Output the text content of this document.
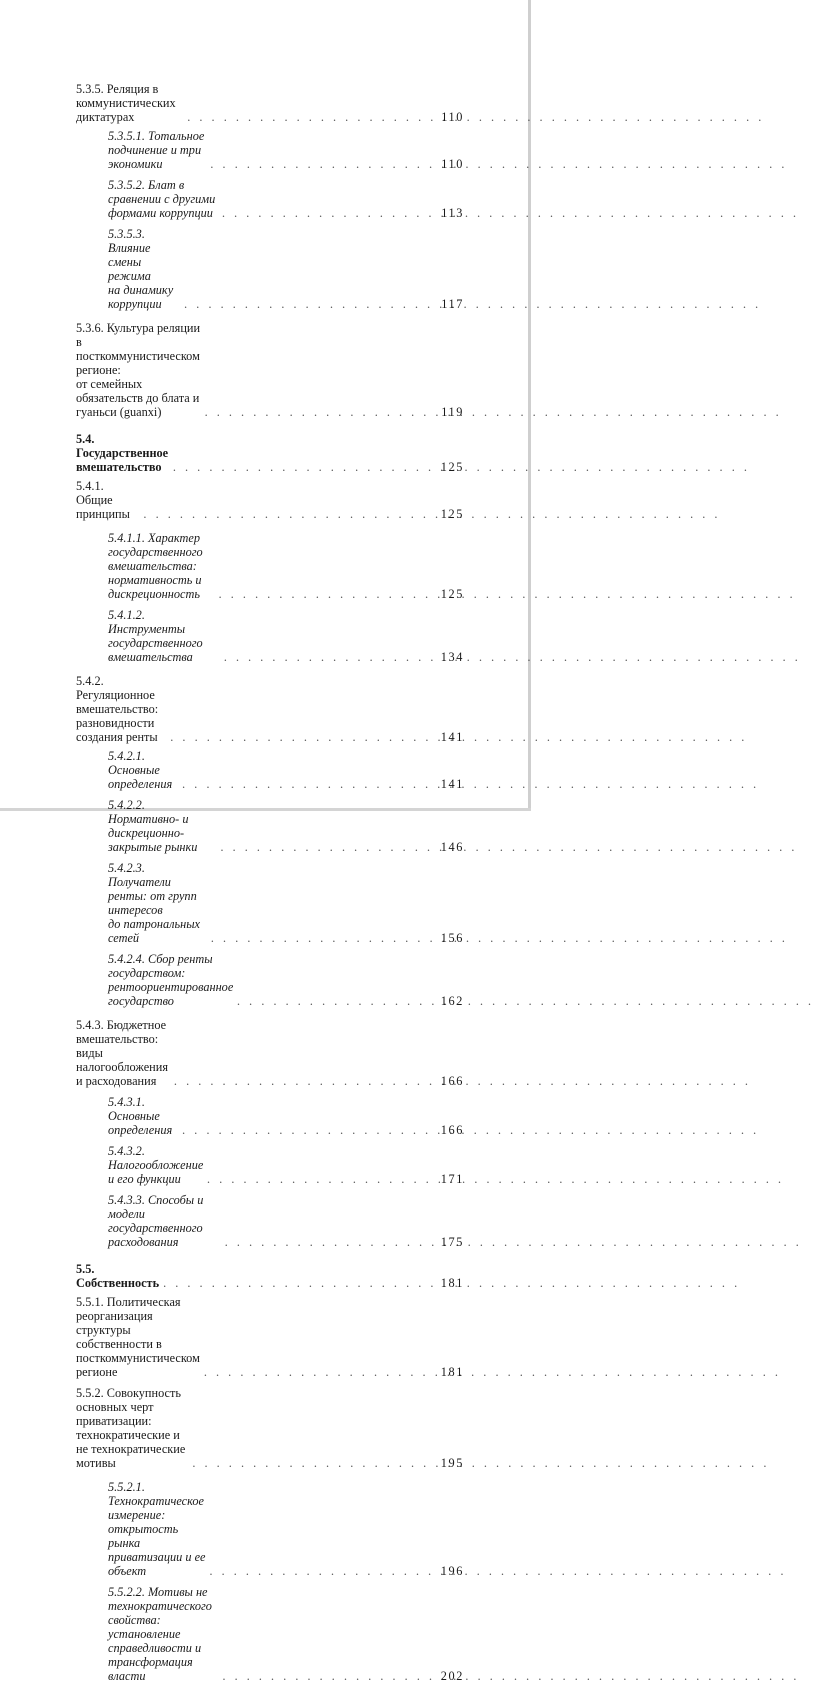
5.3.5. Реляция в коммунистических диктатурах . . .	110
5.3.5.1. Тотальное подчинение и три экономики . . .	110
5.3.5.2. Блат в сравнении с другими формами коррупции . . .	113
5.3.5.3. Влияние смены режима
на динамику коррупции . . .	117
5.3.6. Культура реляции в посткоммунистическом регионе:
от семейных обязательств до блата и гуаньси (guanxi) . . .	119
5.4. Государственное вмешательство . . .	125
5.4.1. Общие принципы . . .	125
5.4.1.1. Характер государственного вмешательства:
нормативность и дискреционность . . .	125
5.4.1.2. Инструменты государственного вмешательства . . .	134
5.4.2. Регуляционное вмешательство:
разновидности создания ренты . . .	141
5.4.2.1. Основные определения . . .	141
5.4.2.2. Нормативно- и дискреционно-закрытые рынки . . .	146
5.4.2.3. Получатели ренты: от групп интересов
до патрональных сетей . . .	156
5.4.2.4. Сбор ренты государством:
рентоориентированное государство . . .	162
5.4.3. Бюджетное вмешательство:
виды налогообложения и расходования . . .	166
5.4.3.1. Основные определения . . .	166
5.4.3.2. Налогообложение и его функции . . .	171
5.4.3.3. Способы и модели государственного расходования . . .	175
5.5. Собственность . . .	181
5.5.1. Политическая реорганизация структуры
собственности в посткоммунистическом регионе . . .	181
5.5.2. Совокупность основных черт приватизации:
технократические и не технократические мотивы . . .	195
5.5.2.1. Технократическое измерение:
открытость рынка приватизации и ее объект . . .	196
5.5.2.2. Мотивы не технократического свойства:
установление справедливости и трансформация власти . . .	202
